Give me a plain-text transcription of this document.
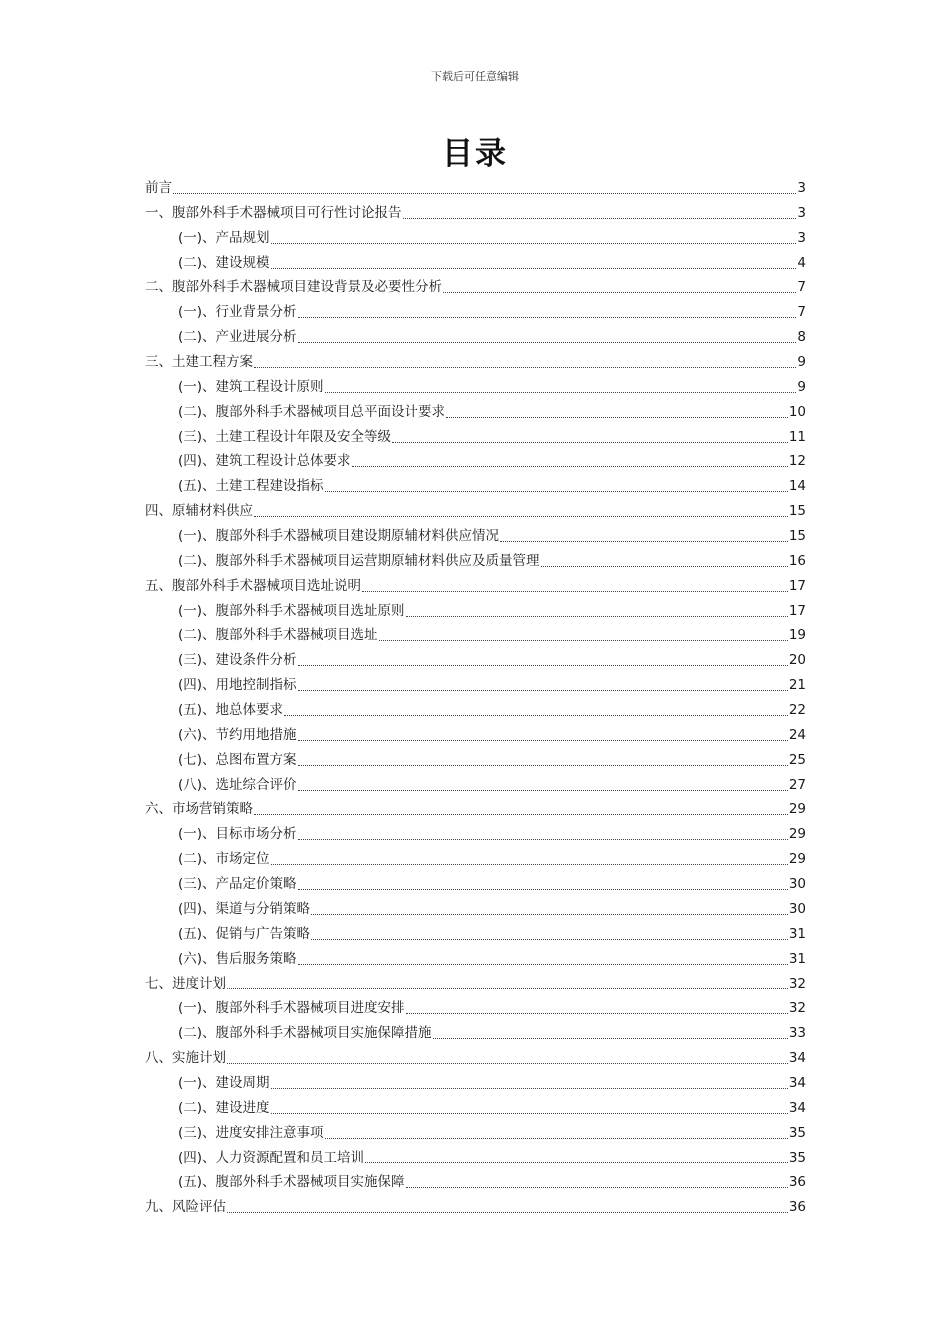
下载后可任意编辑
目录
前言	3
一、腹部外科手术器械项目可行性讨论报告	3
(一)、产品规划	3
(二)、建设规模	4
二、腹部外科手术器械项目建设背景及必要性分析	7
(一)、行业背景分析	7
(二)、产业进展分析	8
三、土建工程方案	9
(一)、建筑工程设计原则	9
(二)、腹部外科手术器械项目总平面设计要求	10
(三)、土建工程设计年限及安全等级	11
(四)、建筑工程设计总体要求	12
(五)、土建工程建设指标	14
四、原辅材料供应	15
(一)、腹部外科手术器械项目建设期原辅材料供应情况	15
(二)、腹部外科手术器械项目运营期原辅材料供应及质量管理	16
五、腹部外科手术器械项目选址说明	17
(一)、腹部外科手术器械项目选址原则	17
(二)、腹部外科手术器械项目选址	19
(三)、建设条件分析	20
(四)、用地控制指标	21
(五)、地总体要求	22
(六)、节约用地措施	24
(七)、总图布置方案	25
(八)、选址综合评价	27
六、市场营销策略	29
(一)、目标市场分析	29
(二)、市场定位	29
(三)、产品定价策略	30
(四)、渠道与分销策略	30
(五)、促销与广告策略	31
(六)、售后服务策略	31
七、进度计划	32
(一)、腹部外科手术器械项目进度安排	32
(二)、腹部外科手术器械项目实施保障措施	33
八、实施计划	34
(一)、建设周期	34
(二)、建设进度	34
(三)、进度安排注意事项	35
(四)、人力资源配置和员工培训	35
(五)、腹部外科手术器械项目实施保障	36
九、风险评估	36
